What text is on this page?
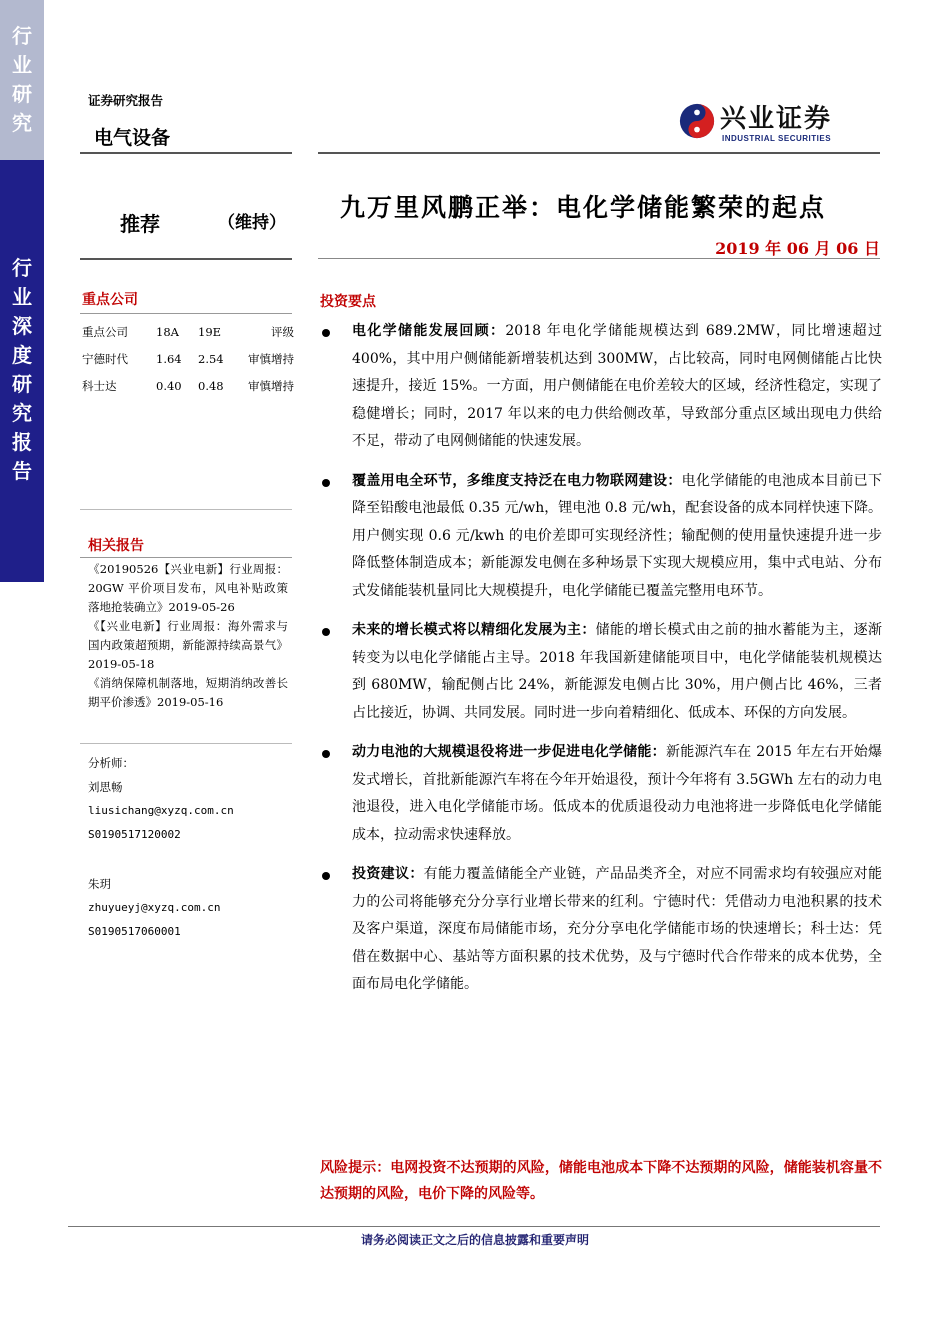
行
业
研
究
行
业
深
度
研
究
报
告
证券研究报告
电气设备
兴业证券
INDUSTRIAL SECURITIES
推荐	（维持）
九万里风鹏正举：电化学储能繁荣的起点
2019 年 06 月 06 日
重点公司
重点公司	18A	19E	评级
宁德时代	1.64	2.54	审慎增持
科士达	0.40	0.48	审慎增持
相关报告

《20190526【兴业电新】行业周报：20GW 平价项目发布，风电补贴政策落地抢装确立》2019-05-26

《【兴业电新】行业周报：海外需求与国内政策超预期，新能源持续高景气》2019-05-18

《消纳保障机制落地，短期消纳改善长期平价渗透》2019-05-16

分析师：
刘思畅
liusichang@xyzq.com.cn
S0190517120002
朱玥
zhuyueyj@xyzq.com.cn
S0190517060001
投资要点
电化学储能发展回顾：2018 年电化学储能规模达到 689.2MW，同比增速超过 400%，其中用户侧储能新增装机达到 300MW，占比较高，同时电网侧储能占比快速提升，接近 15%。一方面，用户侧储能在电价差较大的区域，经济性稳定，实现了稳健增长；同时，2017 年以来的电力供给侧改革，导致部分重点区域出现电力供给不足，带动了电网侧储能的快速发展。
覆盖用电全环节，多维度支持泛在电力物联网建设：电化学储能的电池成本目前已下降至铅酸电池最低 0.35 元/wh，锂电池 0.8 元/wh，配套设备的成本同样快速下降。用户侧实现 0.6 元/kwh 的电价差即可实现经济性；输配侧的使用量快速提升进一步降低整体制造成本；新能源发电侧在多种场景下实现大规模应用，集中式电站、分布式发储能装机量同比大规模提升，电化学储能已覆盖完整用电环节。
未来的增长模式将以精细化发展为主：储能的增长模式由之前的抽水蓄能为主，逐渐转变为以电化学储能占主导。2018 年我国新建储能项目中，电化学储能装机规模达到 680MW，输配侧占比 24%，新能源发电侧占比 30%，用户侧占比 46%，三者占比接近，协调、共同发展。同时进一步向着精细化、低成本、环保的方向发展。
动力电池的大规模退役将进一步促进电化学储能：新能源汽车在 2015 年左右开始爆发式增长，首批新能源汽车将在今年开始退役，预计今年将有 3.5GWh 左右的动力电池退役，进入电化学储能市场。低成本的优质退役动力电池将进一步降低电化学储能成本，拉动需求快速释放。
投资建议：有能力覆盖储能全产业链，产品品类齐全，对应不同需求均有较强应对能力的公司将能够充分分享行业增长带来的红利。宁德时代：凭借动力电池积累的技术及客户渠道，深度布局储能市场，充分分享电化学储能市场的快速增长；科士达：凭借在数据中心、基站等方面积累的技术优势，及与宁德时代合作带来的成本优势，全面布局电化学储能。
风险提示：电网投资不达预期的风险，储能电池成本下降不达预期的风险，储能装机容量不达预期的风险，电价下降的风险等。
请务必阅读正文之后的信息披露和重要声明
